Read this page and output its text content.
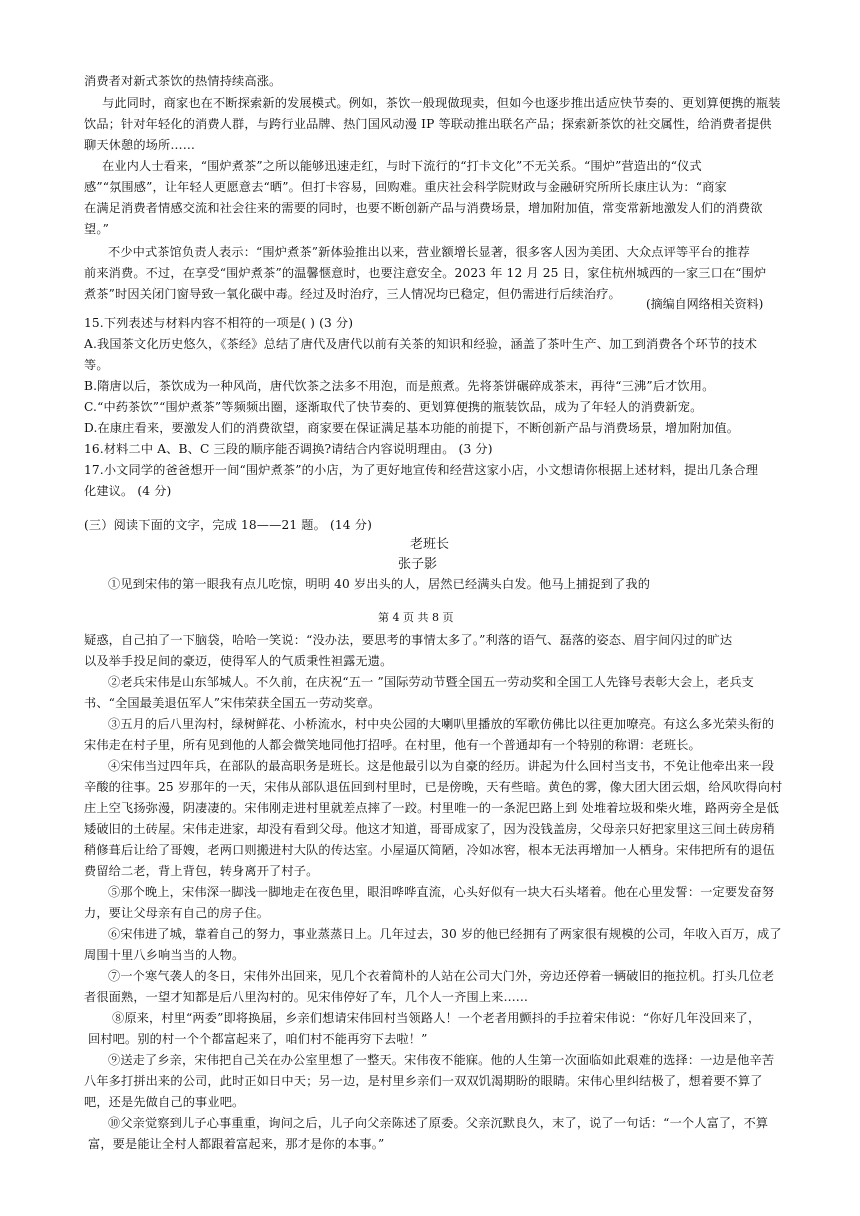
消费者对新式茶饮的热情持续高涨。
与此同时，商家也在不断探索新的发展模式。例如，茶饮一般现做现卖，但如今也逐步推出适应快节奏的、更划算便携的瓶装
饮品；针对年轻化的消费人群，与跨行业品牌、热门国风动漫 IP 等联动推出联名产品；探索新茶饮的社交属性，给消费者提供
聊天休憩的场所……
在业内人士看来，“围炉煮茶”之所以能够迅速走红，与时下流行的“打卡文化”不无关系。“围炉”营造出的“仪式
感”“氛围感”，让年轻人更愿意去“晒”。但打卡容易，回购难。重庆社会科学院财政与金融研究所所长康庄认为：“商家
在满足消费者情感交流和社会往来的需要的同时，也要不断创新产品与消费场景，增加附加值，常变常新地激发人们的消费欲
望。”
不少中式茶馆负责人表示：“围炉煮茶”新体验推出以来，营业额增长显著，很多客人因为美团、大众点评等平台的推荐
前来消费。不过，在享受“围炉煮茶”的温馨惬意时，也要注意安全。2023 年 12 月 25 日，家住杭州城西的一家三口在“围炉
煮茶”时因关闭门窗导致一氧化碳中毒。经过及时治疗，三人情况均已稳定，但仍需进行后续治疗。
(摘编自网络相关资料)
15.下列表述与材料内容不相符的一项是( ) (3 分)
A.我国茶文化历史悠久，《茶经》总结了唐代及唐代以前有关茶的知识和经验，涵盖了茶叶生产、加工到消费各个环节的技术
等。
B.隋唐以后，茶饮成为一种风尚，唐代饮茶之法多不用泡，而是煎煮。先将茶饼碾碎成茶末，再待“三沸”后才饮用。
C.“中药茶饮”“围炉煮茶”等频频出圈，逐渐取代了快节奏的、更划算便携的瓶装饮品，成为了年轻人的消费新宠。
D.在康庄看来，要激发人们的消费欲望，商家要在保证满足基本功能的前提下，不断创新产品与消费场景，增加附加值。
16.材料二中 A、B、C 三段的顺序能否调换?请结合内容说明理由。 (3 分)
17.小文同学的爸爸想开一间“围炉煮茶”的小店，为了更好地宣传和经营这家小店，小文想请你根据上述材料，提出几条合理
化建议。 (4 分)
(三）阅读下面的文字，完成 18——21 题。 (14 分)
老班长
张子影
①见到宋伟的第一眼我有点儿吃惊，明明 40 岁出头的人，居然已经满头白发。他马上捕捉到了我的
第 4 页 共 8 页
疑惑，自己拍了一下脑袋，哈哈一笑说：“没办法，要思考的事情太多了。”利落的语气、磊落的姿态、眉宇间闪过的旷达
以及举手投足间的豪迈，使得军人的气质秉性袒露无遗。
②老兵宋伟是山东邹城人。不久前，在庆祝“五一 ”国际劳动节暨全国五一劳动奖和全国工人先锋号表彰大会上，老兵支
书、“全国最美退伍军人”宋伟荣获全国五一劳动奖章。
③五月的后八里沟村，绿树鲜花、小桥流水，村中央公园的大喇叭里播放的军歌仿佛比以往更加嘹亮。有这么多光荣头衔的
宋伟走在村子里，所有见到他的人都会微笑地同他打招呼。在村里，他有一个普通却有一个特别的称谓：老班长。
④宋伟当过四年兵，在部队的最高职务是班长。这是他最引以为自豪的经历。讲起为什么回村当支书，不免让他牵出来一段
辛酸的往事。25 岁那年的一天，宋伟从部队退伍回到村里时，已是傍晚，天有些暗。黄色的雾，像大团大团云烟，给风吹得向村
庄上空飞扬弥漫，阴凄凄的。宋伟刚走进村里就差点摔了一跤。村里唯一的一条泥巴路上到 处堆着垃圾和柴火堆，路两旁全是低
矮破旧的土砖屋。宋伟走进家，却没有看到父母。他这才知道，哥哥成家了，因为没钱盖房，父母亲只好把家里这三间土砖房稍
稍修葺后让给了哥嫂，老两口则搬进村大队的传达室。小屋逼仄简陋，冷如冰窖，根本无法再增加一人栖身。宋伟把所有的退伍
费留给二老，背上背包，转身离开了村子。
⑤那个晚上，宋伟深一脚浅一脚地走在夜色里，眼泪哗哗直流，心头好似有一块大石头堵着。他在心里发誓：一定要发奋努
力，要让父母亲有自己的房子住。
⑥宋伟进了城，靠着自己的努力，事业蒸蒸日上。几年过去，30 岁的他已经拥有了两家很有规模的公司，年收入百万，成了
周围十里八乡响当当的人物。
⑦一个寒气袭人的冬日，宋伟外出回来，见几个衣着简朴的人站在公司大门外，旁边还停着一辆破旧的拖拉机。打头几位老
者很面熟，一望才知都是后八里沟村的。见宋伟停好了车，几个人一齐围上来……
⑧原来，村里“两委”即将换届，乡亲们想请宋伟回村当领路人！一个老者用颤抖的手拉着宋伟说：“你好几年没回来了，
回村吧。别的村一个个都富起来了，咱们村不能再穷下去啦！”
⑨送走了乡亲，宋伟把自己关在办公室里想了一整天。宋伟夜不能寐。他的人生第一次面临如此艰难的选择：一边是他辛苦
八年多打拼出来的公司，此时正如日中天；另一边，是村里乡亲们一双双饥渴期盼的眼睛。宋伟心里纠结极了，想着要不算了
吧，还是先做自己的事业吧。
⑩父亲觉察到儿子心事重重，询问之后，儿子向父亲陈述了原委。父亲沉默良久，末了，说了一句话：“一个人富了，不算
富，要是能让全村人都跟着富起来，那才是你的本事。”
